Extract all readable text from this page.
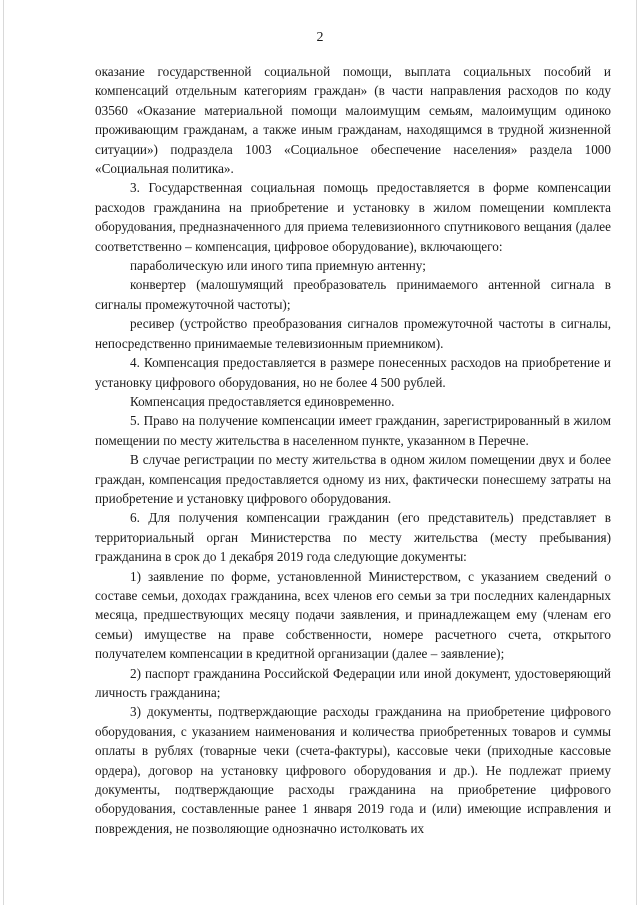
2

оказание государственной социальной помощи, выплата социальных пособий и компенсаций отдельным категориям граждан» (в части направления расходов по коду 03560 «Оказание материальной помощи малоимущим семьям, малоимущим одиноко проживающим гражданам, а также иным гражданам, находящимся в трудной жизненной ситуации») подраздела 1003 «Социальное обеспечение населения» раздела 1000 «Социальная политика».

3. Государственная социальная помощь предоставляется в форме компенсации расходов гражданина на приобретение и установку в жилом помещении комплекта оборудования, предназначенного для приема телевизионного спутникового вещания (далее соответственно – компенсация, цифровое оборудование), включающего:

параболическую или иного типа приемную антенну;

конвертер (малошумящий преобразователь принимаемого антенной сигнала в сигналы промежуточной частоты);

ресивер (устройство преобразования сигналов промежуточной частоты в сигналы, непосредственно принимаемые телевизионным приемником).

4. Компенсация предоставляется в размере понесенных расходов на приобретение и установку цифрового оборудования, но не более 4 500 рублей.

Компенсация предоставляется единовременно.

5. Право на получение компенсации имеет гражданин, зарегистрированный в жилом помещении по месту жительства в населенном пункте, указанном в Перечне.

В случае регистрации по месту жительства в одном жилом помещении двух и более граждан, компенсация предоставляется одному из них, фактически понесшему затраты на приобретение и установку цифрового оборудования.

6. Для получения компенсации гражданин (его представитель) представляет в территориальный орган Министерства по месту жительства (месту пребывания) гражданина в срок до 1 декабря 2019 года следующие документы:

1) заявление по форме, установленной Министерством, с указанием сведений о составе семьи, доходах гражданина, всех членов его семьи за три последних календарных месяца, предшествующих месяцу подачи заявления, и принадлежащем ему (членам его семьи) имуществе на праве собственности, номере расчетного счета, открытого получателем компенсации в кредитной организации (далее – заявление);

2) паспорт гражданина Российской Федерации или иной документ, удостоверяющий личность гражданина;

3) документы, подтверждающие расходы гражданина на приобретение цифрового оборудования, с указанием наименования и количества приобретенных товаров и суммы оплаты в рублях (товарные чеки (счета-фактуры), кассовые чеки (приходные кассовые ордера), договор на установку цифрового оборудования и др.). Не подлежат приему документы, подтверждающие расходы гражданина на приобретение цифрового оборудования, составленные ранее 1 января 2019 года и (или) имеющие исправления и повреждения, не позволяющие однозначно истолковать их
